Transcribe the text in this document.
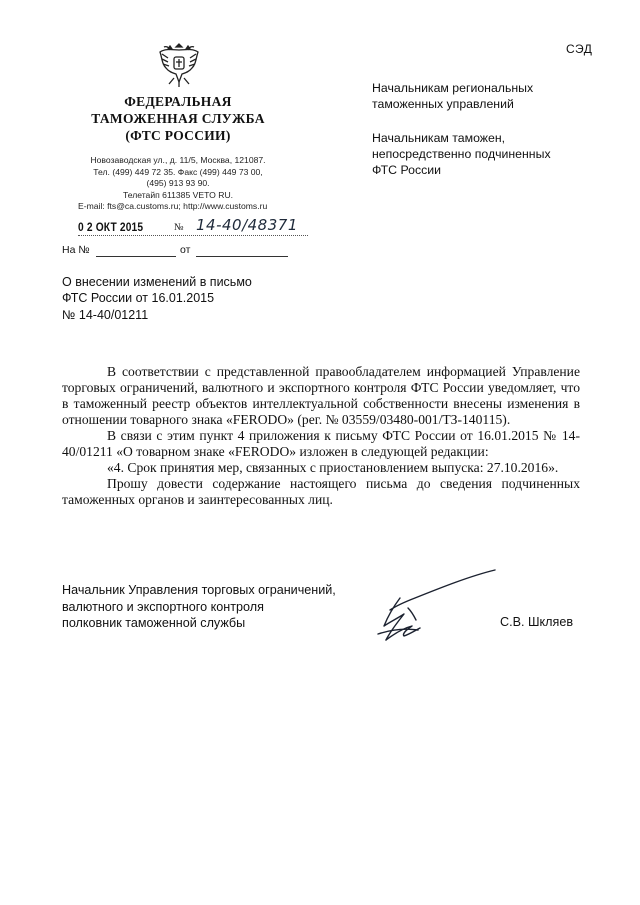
СЭД
ФЕДЕРАЛЬНАЯ
ТАМОЖЕННАЯ СЛУЖБА
(ФТС РОССИИ)
Новозаводская ул., д. 11/5, Москва, 121087.
Тел. (499) 449 72 35. Факс (499) 449 73 00,
(495) 913 93 90.
Телетайп 611385 VETO RU.
E-mail: fts@ca.customs.ru; http://www.customs.ru
Начальникам региональных
таможенных управлений
Начальникам таможен,
непосредственно подчиненных
ФТС России
0 2 ОКТ 2015	№ 14-40/48371
На №	от
О внесении изменений в письмо
ФТС России от 16.01.2015
№ 14-40/01211

В соответствии с представленной правообладателем информацией Управление торговых ограничений, валютного и экспортного контроля ФТС России уведомляет, что в таможенный реестр объектов интеллектуальной собственности внесены изменения в отношении товарного знака «FERODO» (рег. № 03559/03480-001/ТЗ-140115).

В связи с этим пункт 4 приложения к письму ФТС России от 16.01.2015 № 14-40/01211 «О товарном знаке «FERODO» изложен в следующей редакции:

«4. Срок принятия мер, связанных с приостановлением выпуска: 27.10.2016».

Прошу довести содержание настоящего письма до сведения подчиненных таможенных органов и заинтересованных лиц.

Начальник Управления торговых ограничений,
валютного и экспортного контроля
полковник таможенной службы	С.В. Шкляев
